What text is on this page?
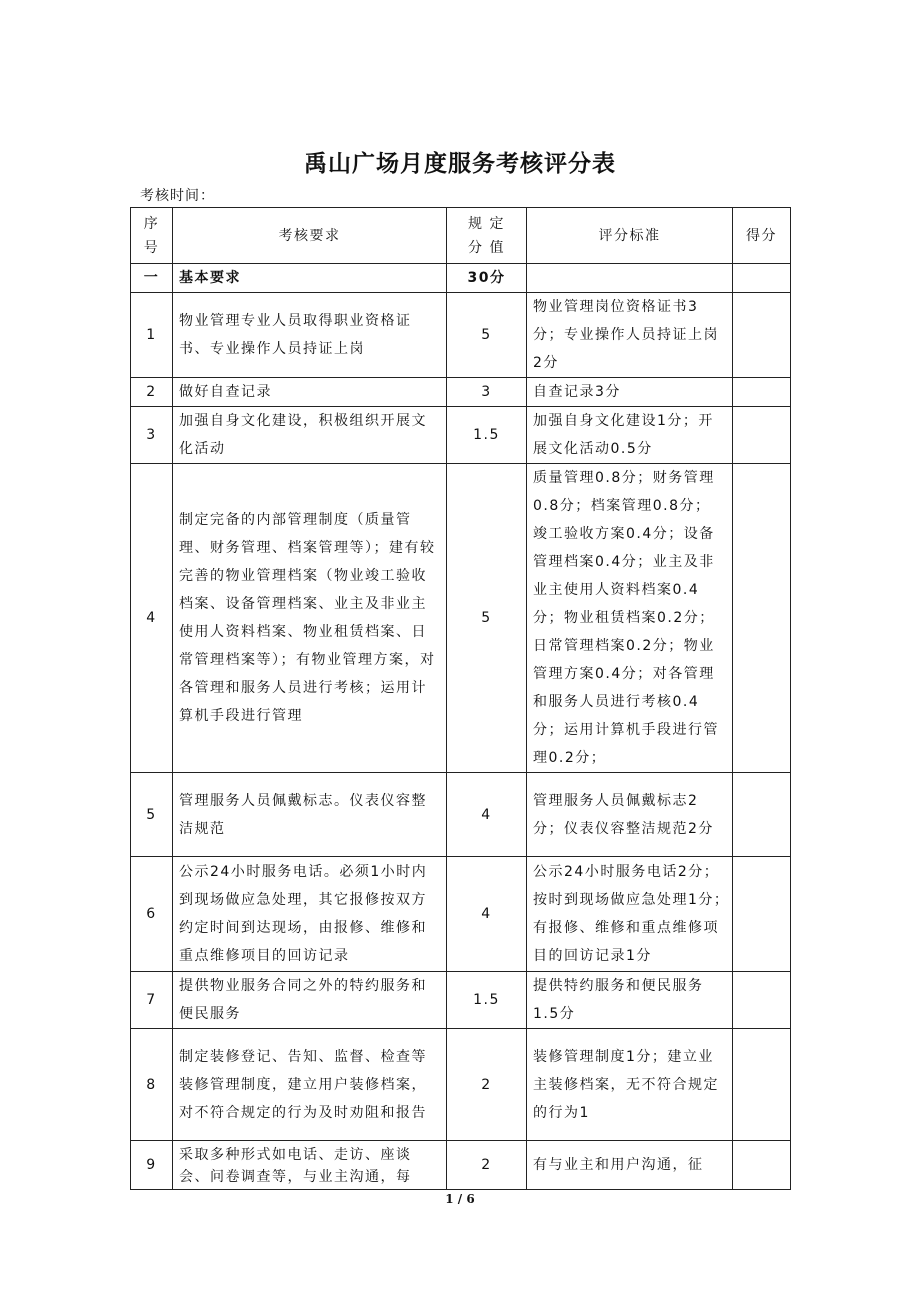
禹山广场月度服务考核评分表
考核时间：
序号	考核要求	规 定 分 值	评分标准	得分
一	基本要求	30分		
1	物业管理专业人员取得职业资格证书、专业操作人员持证上岗	5	物业管理岗位资格证书3分；专业操作人员持证上岗2分	
2	做好自查记录	3	自查记录3分	
3	加强自身文化建设，积极组织开展文化活动	1.5	加强自身文化建设1分；开展文化活动0.5分	
4	制定完备的内部管理制度（质量管理、财务管理、档案管理等）；建有较完善的物业管理档案（物业竣工验收档案、设备管理档案、业主及非业主使用人资料档案、物业租赁档案、日常管理档案等）；有物业管理方案，对各管理和服务人员进行考核；运用计算机手段进行管理	5	质量管理0.8分；财务管理0.8分；档案管理0.8分；竣工验收方案0.4分；设备管理档案0.4分；业主及非业主使用人资料档案0.4分；物业租赁档案0.2分；日常管理档案0.2分；物业管理方案0.4分；对各管理和服务人员进行考核0.4分；运用计算机手段进行管理0.2分；	
5	管理服务人员佩戴标志。仪表仪容整洁规范	4	管理服务人员佩戴标志2分；仪表仪容整洁规范2分	
6	公示24小时服务电话。必须1小时内到现场做应急处理，其它报修按双方约定时间到达现场，由报修、维修和重点维修项目的回访记录	4	公示24小时服务电话2分；按时到现场做应急处理1分；有报修、维修和重点维修项目的回访记录1分	
7	提供物业服务合同之外的特约服务和便民服务	1.5	提供特约服务和便民服务1.5分	
8	制定装修登记、告知、监督、检查等装修管理制度，建立用户装修档案，对不符合规定的行为及时劝阻和报告	2	装修管理制度1分；建立业主装修档案，无不符合规定的行为1	
9	采取多种形式如电话、走访、座谈会、问卷调查等，与业主沟通，每	2	有与业主和用户沟通，征	
1 / 6
